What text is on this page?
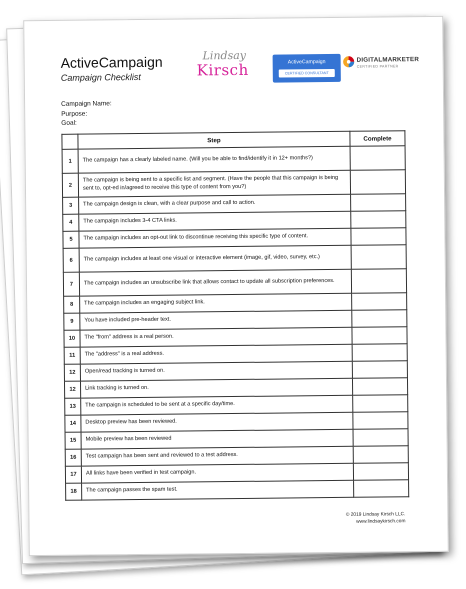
ActiveCampaign
Campaign Checklist
Lindsay
Kirsch	ActiveCampaign
CERTIFIED CONSULTANT
DIGITALMARKETER
CERTIFIED PARTNER
Campaign Name:
Purpose:
Goal:
	Step	Complete
1	The campaign has a clearly labeled name. (Will you be able to find/identify it in 12+ months?)	
2	The campaign is being sent to a specific list and segment. (Have the people that this campaign is being sent to, opt-ed in/agreed to receive this type of content from you?)	
3	The campaign design is clean, with a clear purpose and call to action.	
4	The campaign includes 3-4 CTA links.	
5	The campaign includes an opt-out link to discontinue receiving this specific type of content.	
6	The campaign includes at least one visual or interactive element (image, gif, video, survey, etc.)	
7	The campaign includes an unsubscribe link that allows contact to update all subscription preferences.	
8	The campaign includes an engaging subject link.	
9	You have included pre-header text.	
10	The "from" address is a real person.	
11	The "address" is a real address.	
12	Open/read tracking is turned on.	
12	Link tracking is turned on.	
13	The campaign is scheduled to be sent at a specific day/time.	
14	Desktop preview has been reviewed.	
15	Mobile preview has been reviewed	
16	Test campaign has been sent and reviewed to a test address.	
17	All links have been verified in test campaign.	
18	The campaign passes the spam test.	
© 2019 Lindsay Kirsch LLC.
www.lindsaykirsch.com
